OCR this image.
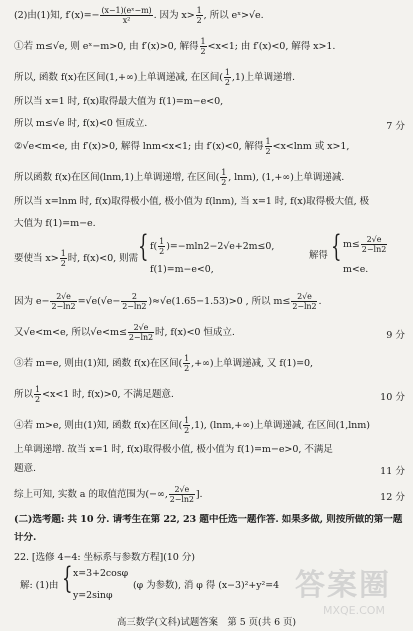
(2)由(1)知, $f'(x)=- \frac{\text{(x−1)(eˣ−m)}}{\text{x²}}$ . 因为 $x> \frac{1}{2}$ , 所以 eˣ>√e.
①若 m≤√e, 则 eˣ−m>0, 由 f′(x)>0, 解得 $\frac{1}{2} <x<1$; 由 f′(x)<0, 解得 x>1.
所以, 函数 f(x)在区间(1,+∞)上单调递减, 在区间( $\frac{1}{2} ,1$)上单调递增.
所以当 x=1 时, f(x)取得最大值为 f(1)=m−e<0,
所以 m≤√e 时, f(x)<0 恒成立.	7 分
②√e<m<e, 由 f′(x)>0, 解得 lnm<x<1; 由 f′(x)<0, 解得 $\frac{1}{2} <x<\ln m$ 或 x>1,
所以函数 f(x)在区间(lnm,1)上单调递增, 在区间( $\frac{1}{2}$ , lnm), (1,+∞)上单调递减.
所以当 x=lnm 时, f(x)取得极小值, 极小值为 f(lnm), 当 x=1 时, f(x)取得极大值, 极
大值为 f(1)=m−e.
要使当 $x> \frac{1}{2}$ 时, f(x)<0, 则需 { $f( \frac{1}{2} )=-mln2-2√e+2m\le 0$,
f(1)=m−e<0,
解得 { $m\le \frac{2√e}{2-\ln 2}$
m<e.
因为 $e- \frac{2√e}{2-\ln 2} =√e(√e- \frac{2}{2-\ln 2} )\approx√e(1.65-1.53)>0$ , 所以 $m\le \frac{2√e}{2-\ln 2}$ .
又√e<m<e, 所以$√e<m\le \frac{2√e}{2-\ln 2}$ 时, f(x)<0 恒成立.	9 分
③若 m=e, 则由(1)知, 函数 f(x)在区间( $\frac{1}{2}$ ,+∞)上单调递减, 又 f(1)=0,
所以 $\frac{1}{2} <x<1$ 时, f(x)>0, 不满足题意.	10 分
④若 m>e, 则由(1)知, 函数 f(x)在区间( $\frac{1}{2} ,1$), (lnm,+∞)上单调递减, 在区间(1,lnm)
上单调递增. 故当 x=1 时, f(x)取得极小值, 极小值为 f(1)=m−e>0, 不满足
题意.	11 分
综上可知, 实数 a 的取值范围为(−∞, $\frac{2√e}{2-\ln 2}$ ].	12 分
(二)选考题: 共 10 分. 请考生在第 22, 23 题中任选一题作答. 如果多做, 则按所做的第一题
计分.
22. [选修 4−4: 坐标系与参数方程](10 分)
解: (1)由 { x=3+2cosφ
y=2sinφ
(φ 为参数), 消 φ 得 (x−3)²+y²=4
高三数学(文科)试题答案　第 5 页(共 6 页)
答案圈
MXQE.COM
